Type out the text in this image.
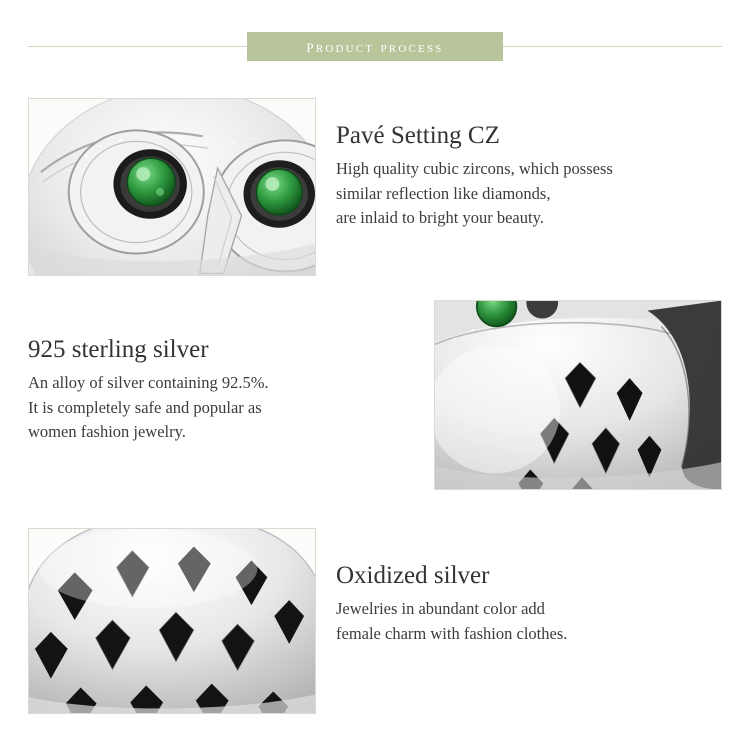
product process
Pavé Setting CZ

High quality cubic zircons, which possess
similar reflection like diamonds,
are inlaid to bright your beauty.

925 sterling silver

An alloy of silver containing 92.5%.
It is completely safe and popular as
women fashion jewelry.

Oxidized silver

Jewelries in abundant color add
female charm with fashion clothes.
